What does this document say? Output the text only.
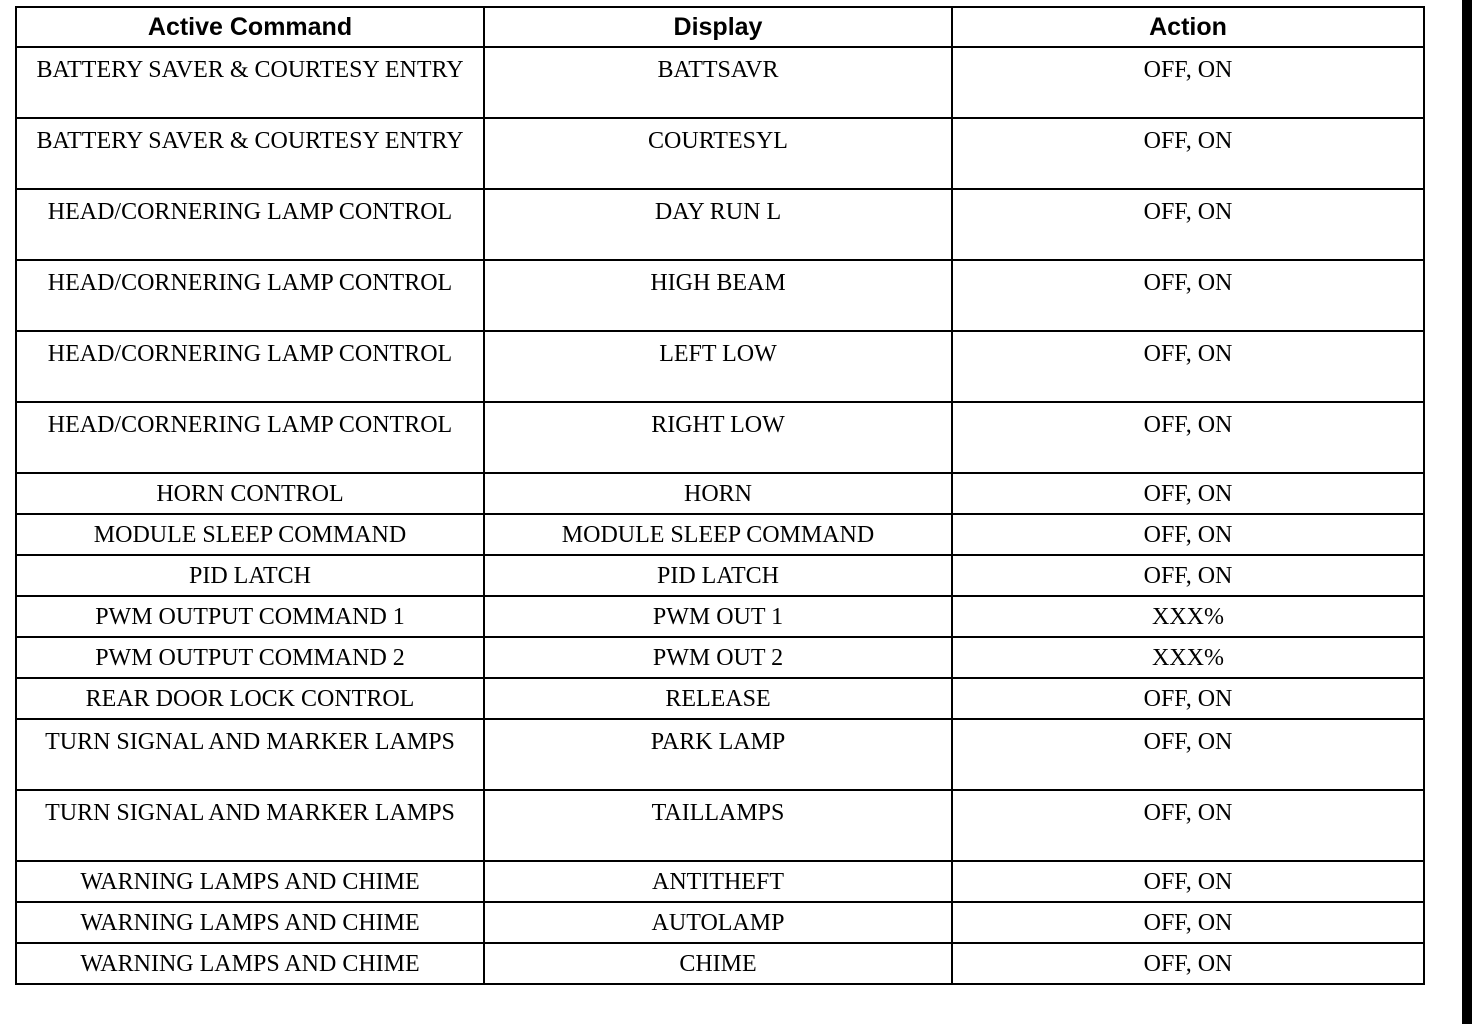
Active Command	Display	Action
BATTERY SAVER & COURTESY ENTRY	BATTSAVR	OFF, ON
BATTERY SAVER & COURTESY ENTRY	COURTESYL	OFF, ON
HEAD/CORNERING LAMP CONTROL	DAY RUN L	OFF, ON
HEAD/CORNERING LAMP CONTROL	HIGH BEAM	OFF, ON
HEAD/CORNERING LAMP CONTROL	LEFT LOW	OFF, ON
HEAD/CORNERING LAMP CONTROL	RIGHT LOW	OFF, ON
HORN CONTROL	HORN	OFF, ON
MODULE SLEEP COMMAND	MODULE SLEEP COMMAND	OFF, ON
PID LATCH	PID LATCH	OFF, ON
PWM OUTPUT COMMAND 1	PWM OUT 1	XXX%
PWM OUTPUT COMMAND 2	PWM OUT 2	XXX%
REAR DOOR LOCK CONTROL	RELEASE	OFF, ON
TURN SIGNAL AND MARKER LAMPS	PARK LAMP	OFF, ON
TURN SIGNAL AND MARKER LAMPS	TAILLAMPS	OFF, ON
WARNING LAMPS AND CHIME	ANTITHEFT	OFF, ON
WARNING LAMPS AND CHIME	AUTOLAMP	OFF, ON
WARNING LAMPS AND CHIME	CHIME	OFF, ON
